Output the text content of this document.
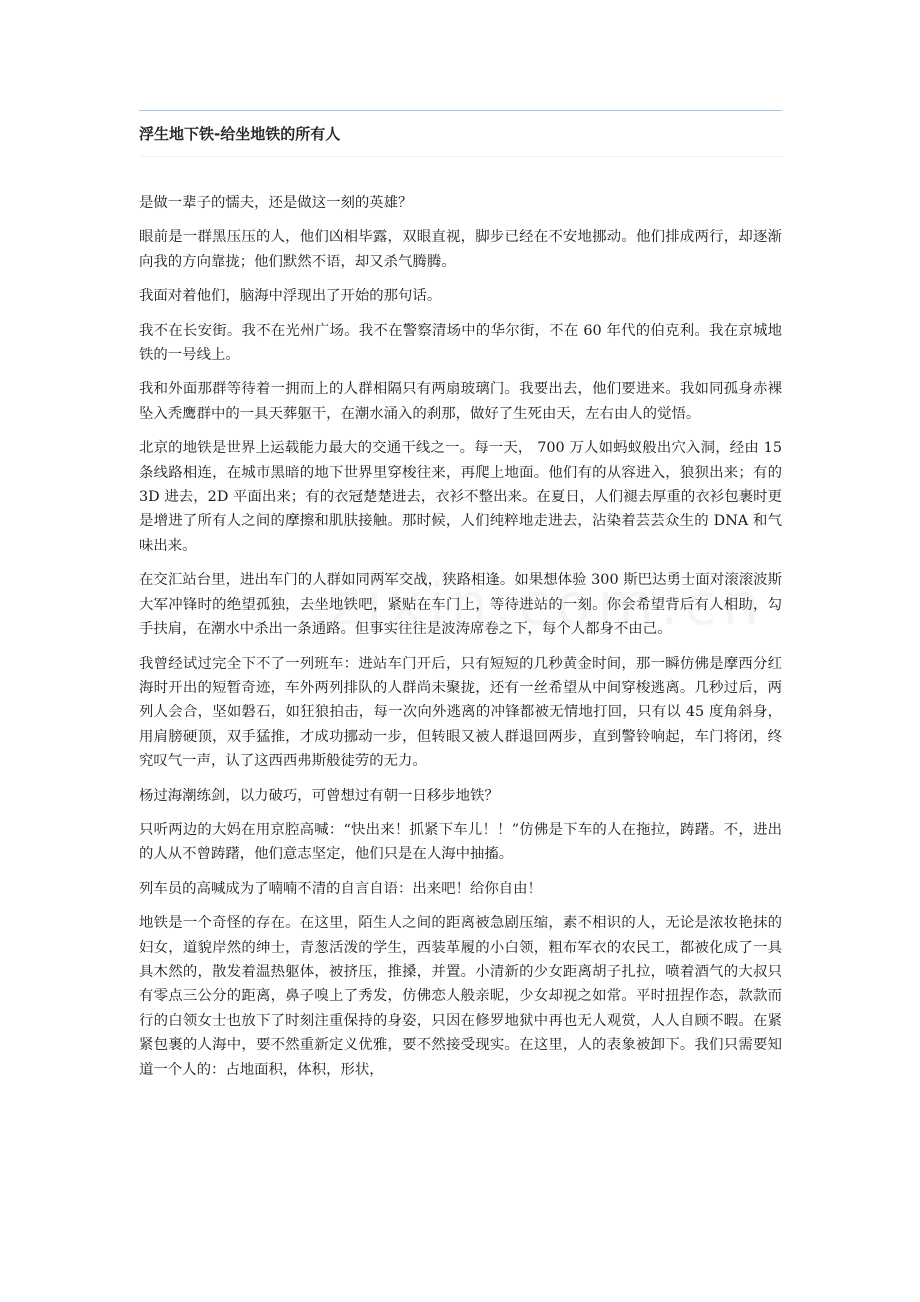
浮生地下铁-给坐地铁的所有人

是做一辈子的懦夫，还是做这一刻的英雄？

眼前是一群黑压压的人，他们凶相毕露，双眼直视，脚步已经在不安地挪动。他们排成两行，却逐渐向我的方向靠拢；他们默然不语，却又杀气腾腾。

我面对着他们，脑海中浮现出了开始的那句话。

我不在长安街。我不在光州广场。我不在警察清场中的华尔街，不在 60 年代的伯克利。我在京城地铁的一号线上。

我和外面那群等待着一拥而上的人群相隔只有两扇玻璃门。我要出去，他们要进来。我如同孤身赤裸坠入秃鹰群中的一具天葬躯干，在潮水涌入的刹那，做好了生死由天，左右由人的觉悟。

北京的地铁是世界上运载能力最大的交通干线之一。每一天， 700 万人如蚂蚁般出穴入洞，经由 15 条线路相连，在城市黑暗的地下世界里穿梭往来，再爬上地面。他们有的从容进入，狼狈出来；有的 3D 进去，2D 平面出来；有的衣冠楚楚进去，衣衫不整出来。在夏日，人们褪去厚重的衣衫包裹时更是增进了所有人之间的摩擦和肌肤接触。那时候，人们纯粹地走进去，沾染着芸芸众生的 DNA 和气味出来。

在交汇站台里，进出车门的人群如同两军交战，狭路相逢。如果想体验 300 斯巴达勇士面对滚滚波斯大军冲锋时的绝望孤独，去坐地铁吧，紧贴在车门上，等待进站的一刻。你会希望背后有人相助，勾手扶肩，在潮水中杀出一条通路。但事实往往是波涛席卷之下，每个人都身不由己。

我曾经试过完全下不了一列班车：进站车门开后，只有短短的几秒黄金时间，那一瞬仿佛是摩西分红海时开出的短暂奇迹，车外两列排队的人群尚未聚拢，还有一丝希望从中间穿梭逃离。几秒过后，两列人会合，坚如磐石，如狂狼拍击，每一次向外逃离的冲锋都被无情地打回，只有以 45 度角斜身，用肩膀硬顶，双手猛推，才成功挪动一步，但转眼又被人群退回两步，直到警铃响起，车门将闭，终究叹气一声，认了这西西弗斯般徒劳的无力。

杨过海潮练剑，以力破巧，可曾想过有朝一日移步地铁？

只听两边的大妈在用京腔高喊：“快出来！抓紧下车儿！！”仿佛是下车的人在拖拉，踌躇。不，进出的人从不曾踌躇，他们意志坚定，他们只是在人海中抽搐。

列车员的高喊成为了喃喃不清的自言自语：出来吧！给你自由！

地铁是一个奇怪的存在。在这里，陌生人之间的距离被急剧压缩，素不相识的人，无论是浓妆艳抹的妇女，道貌岸然的绅士，青葱活泼的学生，西装革履的小白领，粗布军衣的农民工，都被化成了一具具木然的，散发着温热躯体，被挤压，推搡，并置。小清新的少女距离胡子扎拉，喷着酒气的大叔只有零点三公分的距离，鼻子嗅上了秀发，仿佛恋人般亲昵，少女却视之如常。平时扭捏作态，款款而行的白领女士也放下了时刻注重保持的身姿，只因在修罗地狱中再也无人观赏，人人自顾不暇。在紧紧包裹的人海中，要不然重新定义优雅，要不然接受现实。在这里，人的表象被卸下。我们只需要知道一个人的：占地面积，体积，形状，
